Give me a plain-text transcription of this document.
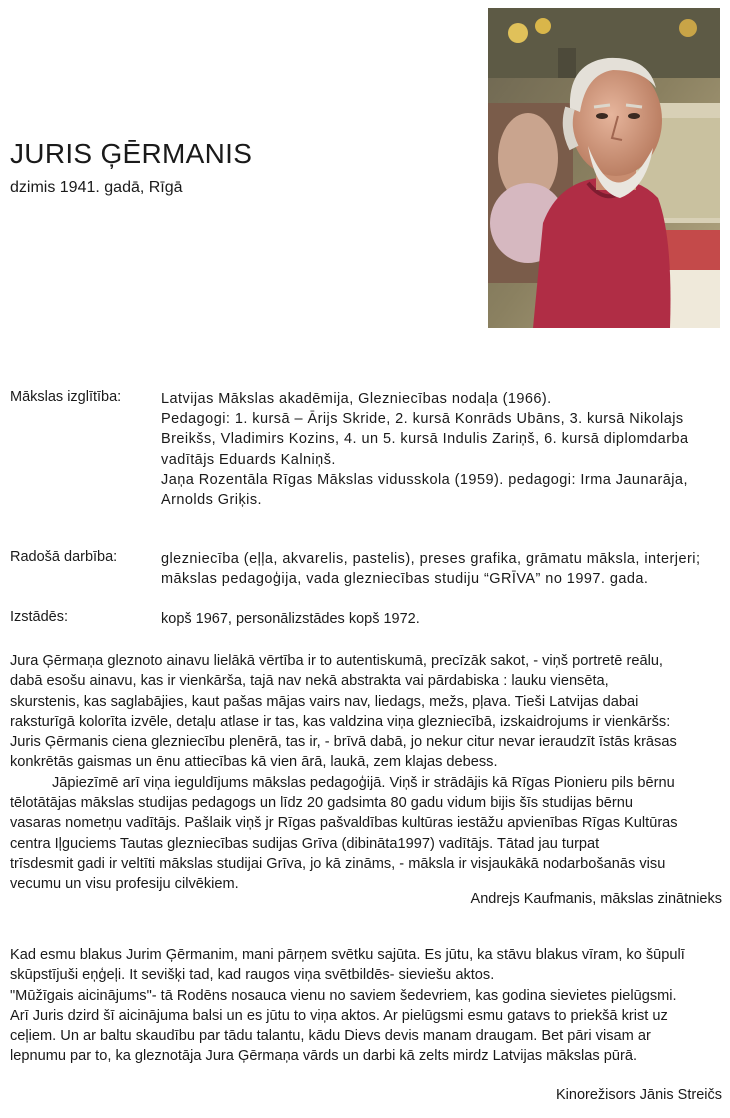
JURIS ĢĒRMANIS
dzimis 1941. gadā, Rīgā
Mākslas izglītība:	Latvijas Mākslas akadēmija, Glezniecības nodaļa (1966).
Pedagogi: 1. kursā – Ārijs Skride, 2. kursā Konrāds Ubāns, 3. kursā Nikolajs
Breikšs, Vladimirs Kozins, 4. un 5. kursā Indulis Zariņš, 6. kursā diplomdarba
vadītājs Eduards Kalniņš.
Jaņa Rozentāla Rīgas Mākslas vidusskola (1959). pedagogi: Irma Jaunarāja,
Arnolds Griķis.
Radošā darbība:	glezniecība (eļļa, akvarelis, pastelis), preses grafika, grāmatu māksla, interjeri;
mākslas pedagoģija, vada glezniecības studiju “GRĪVA” no 1997. gada.
Izstādēs:	kopš 1967, personālizstādes kopš 1972.
Jura Ģērmaņa gleznoto ainavu lielākā vērtība ir to autentiskumā, precīzāk sakot, - viņš portretē reālu,
dabā esošu ainavu, kas ir vienkārša, tajā nav nekā abstrakta vai pārdabiska : lauku viensēta,
skurstenis, kas saglabājies, kaut pašas mājas vairs nav, liedags, mežs, pļava. Tieši Latvijas dabai
raksturīgā kolorīta izvēle, detaļu atlase ir tas, kas valdzina viņa glezniecībā, izskaidrojums ir vienkāršs:
Juris Ģērmanis ciena glezniecību plenērā, tas ir, - brīvā dabā, jo nekur citur nevar ieraudzīt īstās krāsas
konkrētās gaismas un ēnu attiecības kā vien ārā, laukā, zem klajas debess.
Jāpiezīmē arī viņa ieguldījums mākslas pedagoģijā. Viņš ir strādājis kā Rīgas Pionieru pils bērnu
tēlotātājas mākslas studijas pedagogs un līdz 20 gadsimta 80 gadu vidum bijis šīs studijas bērnu
vasaras nometņu vadītājs. Pašlaik viņš jr Rīgas pašvaldības kultūras iestāžu apvienības Rīgas Kultūras
centra Iļguciems Tautas glezniecības sudijas Grīva (dibināta1997) vadītājs. Tātad jau turpat
trīsdesmit gadi ir veltīti mākslas studijai Grīva, jo kā zināms, - māksla ir visjaukākā nodarbošanās visu
vecumu un visu profesiju cilvēkiem.
Andrejs Kaufmanis, mākslas zinātnieks
Kad esmu blakus Jurim Ģērmanim, mani pārņem svētku sajūta. Es jūtu, ka stāvu blakus vīram, ko šūpulī
skūpstījuši eņģeļi. It sevišķi tad, kad raugos viņa svētbildēs- sieviešu aktos.
"Mūžīgais aicinājums"- tā Rodēns nosauca vienu no saviem šedevriem, kas godina sievietes pielūgsmi.
Arī Juris dzird šī aicinājuma balsi un es jūtu to viņa aktos. Ar pielūgsmi esmu gatavs to priekšā krist uz
ceļiem. Un ar baltu skaudību par tādu talantu, kādu Dievs devis manam draugam. Bet pāri visam ar
lepnumu par to, ka gleznotāja Jura Ģērmaņa vārds un darbi kā zelts mirdz Latvijas mākslas pūrā.
Kinorežisors Jānis Streičs
